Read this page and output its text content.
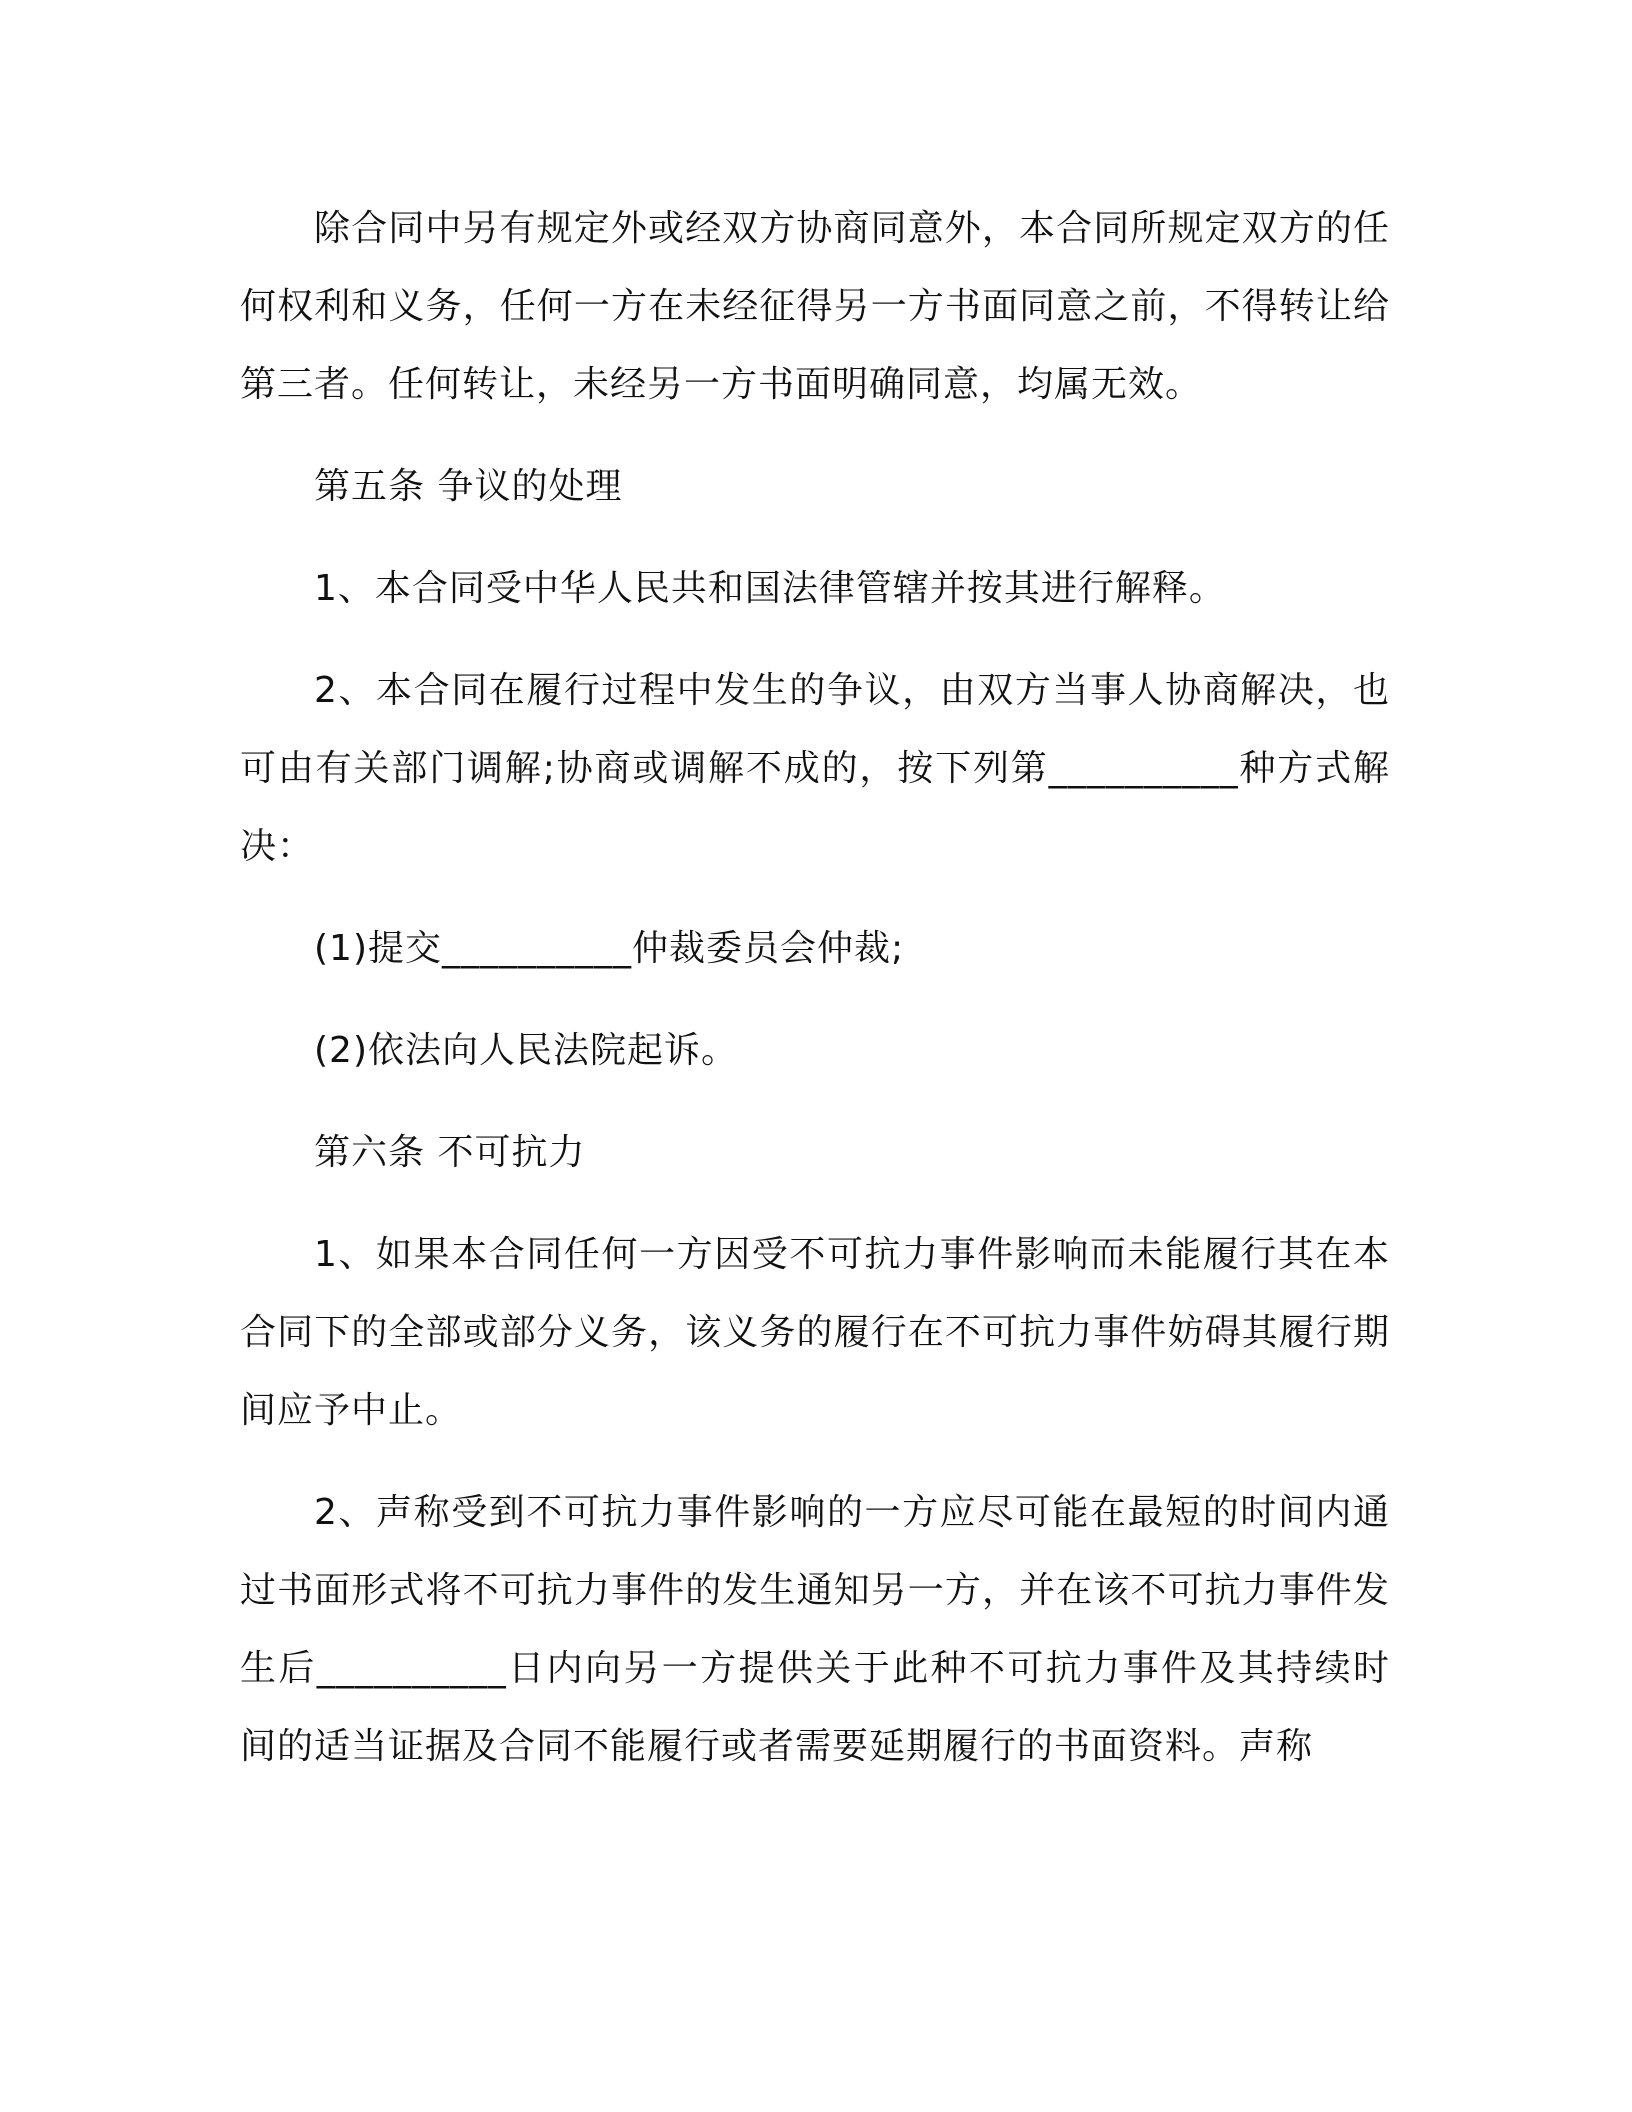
除合同中另有规定外或经双方协商同意外，本合同所规定双方的任何权利和义务，任何一方在未经征得另一方书面同意之前，不得转让给第三者。任何转让，未经另一方书面明确同意，均属无效。

第五条 争议的处理

1、本合同受中华人民共和国法律管辖并按其进行解释。

2、本合同在履行过程中发生的争议，由双方当事人协商解决，也可由有关部门调解;协商或调解不成的，按下列第__________种方式解决：

(1)提交__________仲裁委员会仲裁;

(2)依法向人民法院起诉。

第六条 不可抗力

1、如果本合同任何一方因受不可抗力事件影响而未能履行其在本合同下的全部或部分义务，该义务的履行在不可抗力事件妨碍其履行期间应予中止。

2、声称受到不可抗力事件影响的一方应尽可能在最短的时间内通过书面形式将不可抗力事件的发生通知另一方，并在该不可抗力事件发生后__________日内向另一方提供关于此种不可抗力事件及其持续时间的适当证据及合同不能履行或者需要延期履行的书面资料。声称
